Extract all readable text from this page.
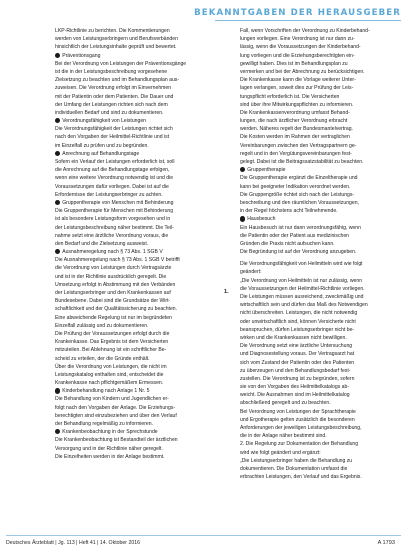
BEKANNTGABEN DER HERAUSGEBER
LKP-Richtlinie zu berichten. Die Kommentierungen
werden von Leistungserbringern und Berufsverbänden
hinsichtlich der Leistungsinhalte geprüft und bewertet.
Präventionsgang
Bei der Verordnung von Leistungen der Präventionsgänge
ist die in der Leistungsbeschreibung vorgesehene
Zielsetzung zu beachten und im Behandlungsplan aus-
zuweisen. Die Verordnung erfolgt im Einvernehmen
mit der Patientin oder dem Patienten. Die Dauer und
der Umfang der Leistungen richten sich nach dem
individuellen Bedarf und sind zu dokumentieren.
Verordnungsfähigkeit von Leistungen
Die Verordnungsfähigkeit der Leistungen richtet sich
nach den Vorgaben der Heilmittel-Richtlinie und ist
im Einzelfall zu prüfen und zu begründen.
Anrechnung auf Behandlungstage
Sofern ein Verlauf der Leistungen erforderlich ist, soll
die Anrechnung auf die Behandlungstage erfolgen,
wenn eine weitere Verordnung notwendig ist und die
Voraussetzungen dafür vorliegen. Dabei ist auf die
Erfordernisse der Leistungserbringer zu achten.
Gruppentherapie von Menschen mit Behinderung
Die Gruppentherapie für Menschen mit Behinderung
ist als besondere Leistungsform vorgesehen und in
der Leistungsbeschreibung näher bestimmt. Die Teil-
nahme setzt eine ärztliche Verordnung voraus, die
den Bedarf und die Zielsetzung ausweist.
Ausnahmeregelung nach § 73 Abs. 1 SGB V
Die Ausnahmeregelung nach § 73 Abs. 1 SGB V betrifft
die Verordnung von Leistungen durch Vertragsärzte
und ist in der Richtlinie ausdrücklich geregelt. Die
Umsetzung erfolgt in Abstimmung mit den Verbänden
der Leistungserbringer und den Krankenkassen auf
Bundesebene. Dabei sind die Grundsätze der Wirt-
schaftlichkeit und der Qualitätssicherung zu beachten.
Eine abweichende Regelung ist nur im begründeten
Einzelfall zulässig und zu dokumentieren.
Die Prüfung der Voraussetzungen erfolgt durch die
Krankenkasse. Das Ergebnis ist dem Versicherten
mitzuteilen. Bei Ablehnung ist ein schriftlicher Be-
scheid zu erteilen, der die Gründe enthält.
Über die Verordnung von Leistungen, die nicht im
Leistungskatalog enthalten sind, entscheidet die
Krankenkasse nach pflichtgemäßem Ermessen.
Kinderbehandlung nach Anlage 1 Nr. 5
Die Behandlung von Kindern und Jugendlichen er-
folgt nach den Vorgaben der Anlage. Die Erziehungs-
berechtigten sind einzubeziehen und über den Verlauf
der Behandlung regelmäßig zu informieren.
Krankenbeobachtung in der Sprechstunde
Die Krankenbeobachtung ist Bestandteil der ärztlichen
Versorgung und in der Richtlinie näher geregelt.
Die Einzelheiten werden in der Anlage bestimmt.
1.
Fall, wenn Vorschriften der Verordnung zu Kinderbehand-
lungen vorliegen. Eine Verordnung ist nur dann zu-
lässig, wenn die Voraussetzungen der Kinderbehand-
lung vorliegen und die Erziehungsberechtigten ein-
gewilligt haben. Dies ist im Behandlungsplan zu
vermerken und bei der Abrechnung zu berücksichtigen.
Die Krankenkasse kann die Vorlage weiterer Unter-
lagen verlangen, soweit dies zur Prüfung der Leis-
tungspflicht erforderlich ist. Die Versicherten
sind über ihre Mitwirkungspflichten zu informieren.
Die Krankenkassenverordnung umfasst Behand-
lungen, die nach ärztlicher Verordnung erbracht
werden. Näheres regelt der Bundesmantelvertrag.
Die Kosten werden im Rahmen der vertraglichen
Vereinbarungen zwischen den Vertragspartnern ge-
regelt und in den Vergütungsvereinbarungen fest-
gelegt. Dabei ist die Beitragssatzstabilität zu beachten.
Gruppentherapie
Die Gruppentherapie ergänzt die Einzeltherapie und
kann bei geeigneter Indikation verordnet werden.
Die Gruppengröße richtet sich nach der Leistungs-
beschreibung und den räumlichen Voraussetzungen,
in der Regel höchstens acht Teilnehmende.
Hausbesuch
Ein Hausbesuch ist nur dann verordnungsfähig, wenn
die Patientin oder der Patient aus medizinischen
Gründen die Praxis nicht aufsuchen kann.
Die Begründung ist auf der Verordnung anzugeben.
Die Verordnungsfähigkeit von Heilmitteln wird wie folgt
geändert:
„Die Verordnung von Heilmitteln ist nur zulässig, wenn
die Voraussetzungen der Heilmittel-Richtlinie vorliegen.
Die Leistungen müssen ausreichend, zweckmäßig und
wirtschaftlich sein und dürfen das Maß des Notwendigen
nicht überschreiten. Leistungen, die nicht notwendig
oder unwirtschaftlich sind, können Versicherte nicht
beanspruchen, dürfen Leistungserbringer nicht be-
wirken und die Krankenkassen nicht bewilligen.
Die Verordnung setzt eine ärztliche Untersuchung
und Diagnosestellung voraus. Der Vertragsarzt hat
sich vom Zustand der Patientin oder des Patienten
zu überzeugen und den Behandlungsbedarf fest-
zustellen. Die Verordnung ist zu begründen, sofern
sie von den Vorgaben des Heilmittelkatalogs ab-
weicht. Die Ausnahmen sind im Heilmittelkatalog
abschließend geregelt und zu beachten.
Bei Verordnung von Leistungen der Sprachtherapie
und Ergotherapie gelten zusätzlich die besonderen
Anforderungen der jeweiligen Leistungsbeschreibung,
die in der Anlage näher bestimmt sind.
2. Die Regelung zur Dokumentation der Behandlung
wird wie folgt geändert und ergänzt:
„Die Leistungserbringer haben die Behandlung zu
dokumentieren. Die Dokumentation umfasst die
erbrachten Leistungen, den Verlauf und das Ergebnis.
Deutsches Ärzteblatt | Jg. 113 | Heft 41 | 14. Oktober 2016	A 1793
